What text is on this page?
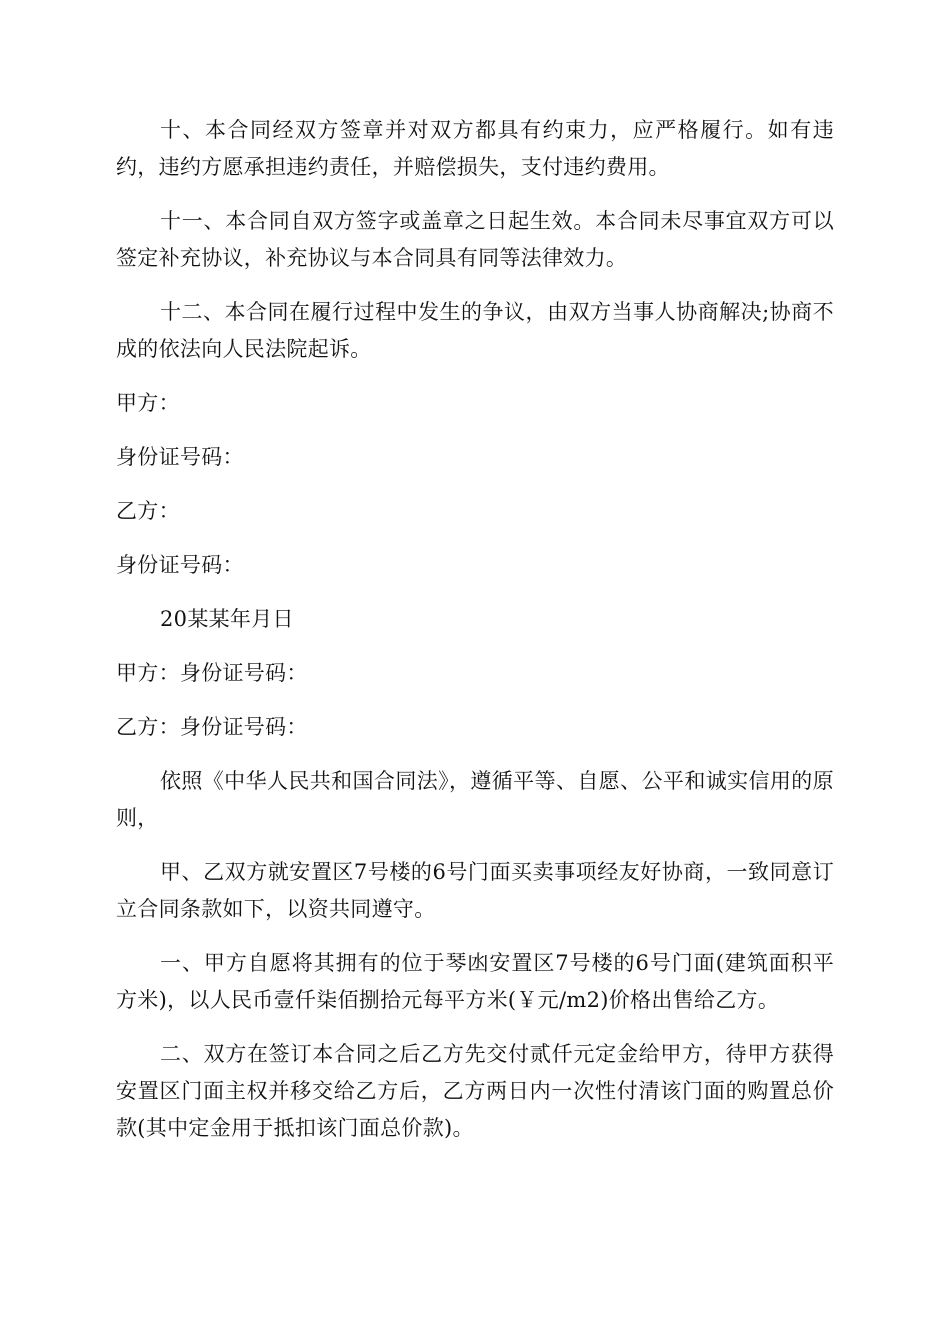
十、本合同经双方签章并对双方都具有约束力，应严格履行。如有违约，违约方愿承担违约责任，并赔偿损失，支付违约费用。

十一、本合同自双方签字或盖章之日起生效。本合同未尽事宜双方可以签定补充协议，补充协议与本合同具有同等法律效力。

十二、本合同在履行过程中发生的争议，由双方当事人协商解决;协商不成的依法向人民法院起诉。

甲方：

身份证号码：

乙方：

身份证号码：

20某某年月日

甲方：身份证号码：

乙方：身份证号码：

依照《中华人民共和国合同法》，遵循平等、自愿、公平和诚实信用的原则，

甲、乙双方就安置区7号楼的6号门面买卖事项经友好协商，一致同意订立合同条款如下，以资共同遵守。

一、甲方自愿将其拥有的位于琴凼安置区7号楼的6号门面(建筑面积平方米)，以人民币壹仟柒佰捌拾元每平方米(￥元/m2)价格出售给乙方。

二、双方在签订本合同之后乙方先交付贰仟元定金给甲方，待甲方获得安置区门面主权并移交给乙方后，乙方两日内一次性付清该门面的购置总价款(其中定金用于抵扣该门面总价款)。
